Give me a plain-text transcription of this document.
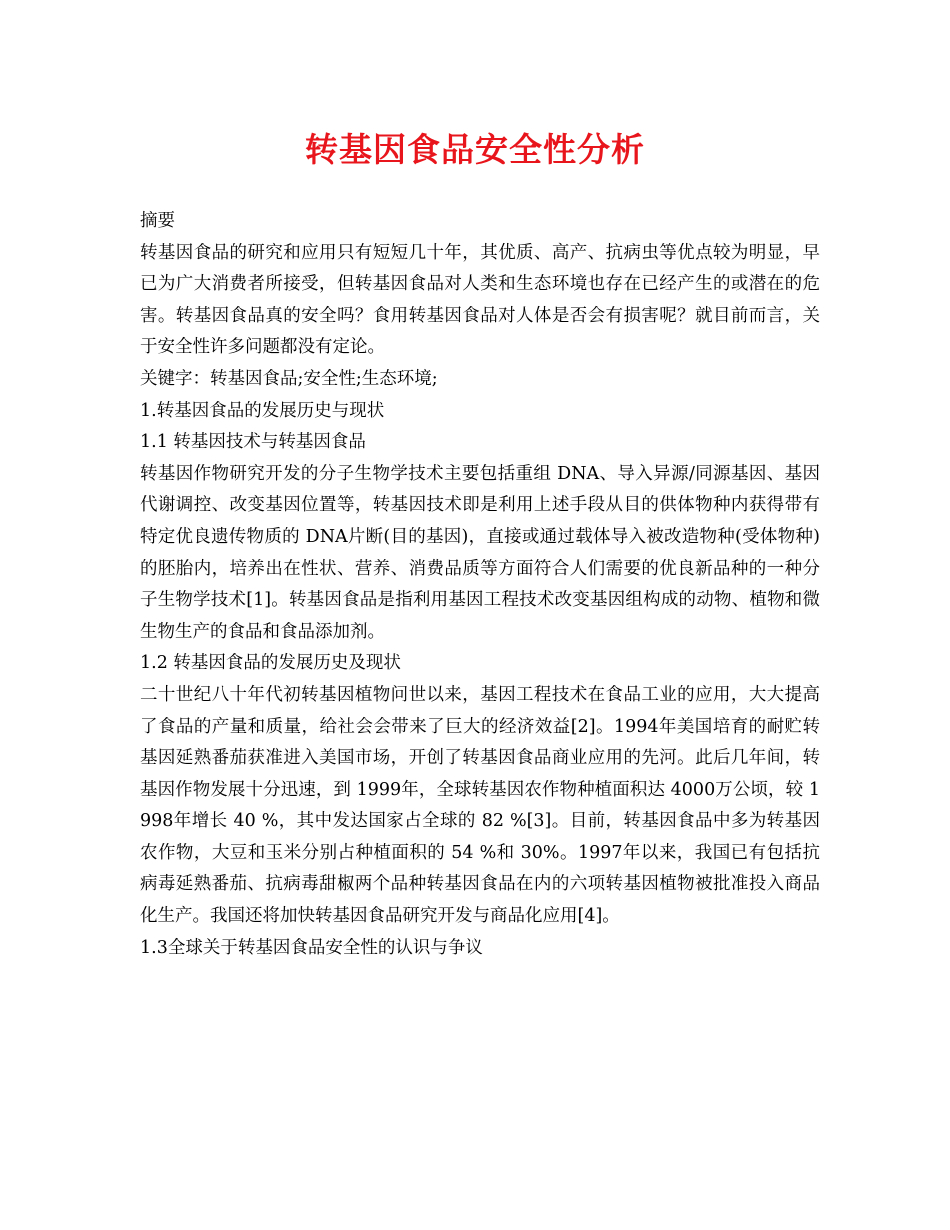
转基因食品安全性分析

摘要

转基因食品的研究和应用只有短短几十年，其优质、高产、抗病虫等优点较为明显，早已为广大消费者所接受，但转基因食品对人类和生态环境也存在已经产生的或潜在的危害。转基因食品真的安全吗？食用转基因食品对人体是否会有损害呢？就目前而言，关于安全性许多问题都没有定论。

关键字：转基因食品;安全性;生态环境;

1.转基因食品的发展历史与现状

1.1 转基因技术与转基因食品

转基因作物研究开发的分子生物学技术主要包括重组 DNA、导入异源/同源基因、基因代谢调控、改变基因位置等，转基因技术即是利用上述手段从目的供体物种内获得带有特定优良遗传物质的 DNA片断(目的基因)，直接或通过载体导入被改造物种(受体物种)的胚胎内，培养出在性状、营养、消费品质等方面符合人们需要的优良新品种的一种分子生物学技术[1]。转基因食品是指利用基因工程技术改变基因组构成的动物、植物和微生物生产的食品和食品添加剂。

1.2 转基因食品的发展历史及现状

二十世纪八十年代初转基因植物问世以来，基因工程技术在食品工业的应用，大大提高了食品的产量和质量，给社会会带来了巨大的经济效益[2]。1994年美国培育的耐贮转基因延熟番茄获准进入美国市场，开创了转基因食品商业应用的先河。此后几年间，转基因作物发展十分迅速，到 1999年，全球转基因农作物种植面积达 4000万公顷，较 1998年增长 40 %，其中发达国家占全球的 82 %[3]。目前，转基因食品中多为转基因农作物，大豆和玉米分别占种植面积的 54 %和 30%。1997年以来，我国已有包括抗病毒延熟番茄、抗病毒甜椒两个品种转基因食品在内的六项转基因植物被批准投入商品化生产。我国还将加快转基因食品研究开发与商品化应用[4]。

1.3全球关于转基因食品安全性的认识与争议
